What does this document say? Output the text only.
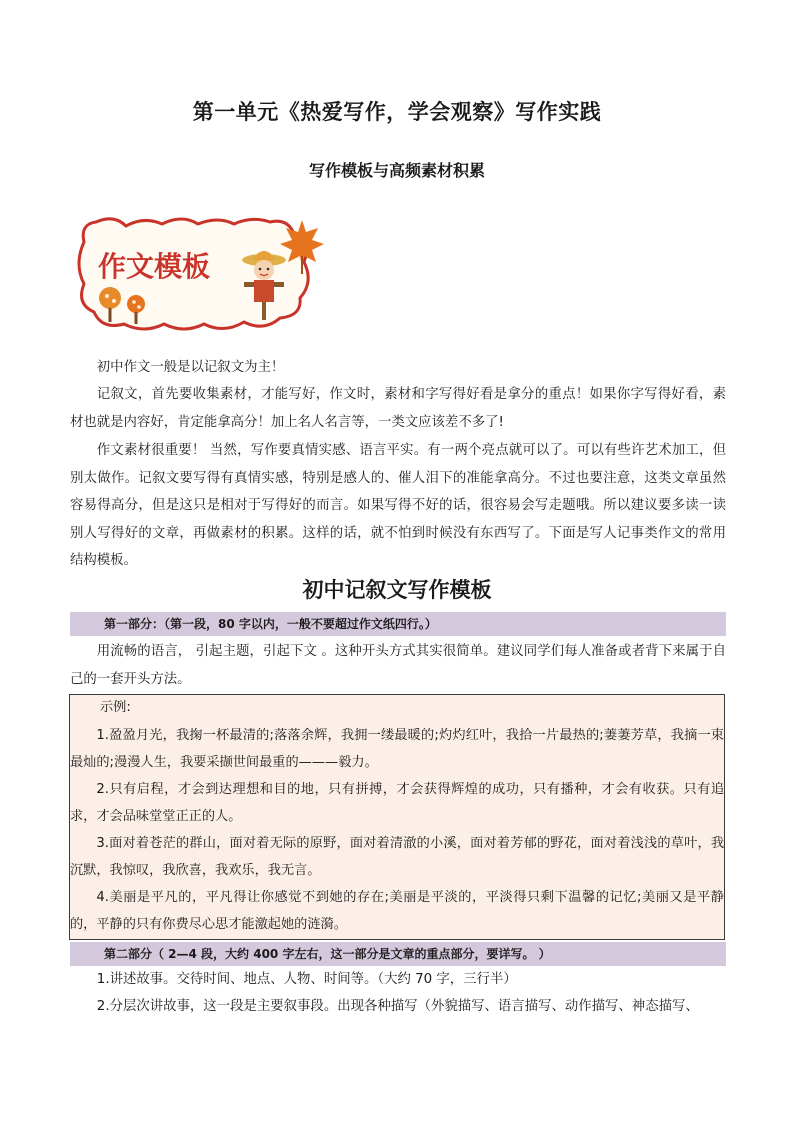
第一单元《热爱写作，学会观察》写作实践
写作模板与高频素材积累
作文模板

初中作文一般是以记叙文为主！

记叙文，首先要收集素材，才能写好，作文时，素材和字写得好看是拿分的重点！如果你字写得好看，素材也就是内容好，肯定能拿高分！加上名人名言等，一类文应该差不多了!

作文素材很重要！ 当然，写作要真情实感、语言平实。有一两个亮点就可以了。可以有些许艺术加工，但别太做作。记叙文要写得有真情实感，特别是感人的、催人泪下的准能拿高分。不过也要注意，这类文章虽然容易得高分，但是这只是相对于写得好的而言。如果写得不好的话，很容易会写走题哦。所以建议要多读一读别人写得好的文章，再做素材的积累。这样的话，就不怕到时候没有东西写了。下面是写人记事类作文的常用结构模板。

初中记叙文写作模板
第一部分：（第一段，80 字以内，一般不要超过作文纸四行。）

用流畅的语言， 引起主题，引起下文 。这种开头方式其实很简单。建议同学们每人准备或者背下来属于自己的一套开头方法。

示例:

1.盈盈月光，我掬一杯最清的;落落余辉，我拥一缕最暖的;灼灼红叶，我拾一片最热的;萋萋芳草，我摘一束最灿的;漫漫人生，我要采撷世间最重的———毅力。

2.只有启程，才会到达理想和目的地，只有拼搏，才会获得辉煌的成功，只有播种，才会有收获。只有追求，才会品味堂堂正正的人。

3.面对着苍茫的群山，面对着无际的原野，面对着清澈的小溪，面对着芳郁的野花，面对着浅浅的草叶，我沉默，我惊叹，我欣喜，我欢乐，我无言。

4.美丽是平凡的，平凡得让你感觉不到她的存在;美丽是平淡的，平淡得只剩下温馨的记忆;美丽又是平静的，平静的只有你费尽心思才能激起她的涟漪。

第二部分（ 2—4 段，大约 400 字左右，这一部分是文章的重点部分，要详写。 ）

1.讲述故事。交待时间、地点、人物、时间等。（大约 70 字，三行半）

2.分层次讲故事，这一段是主要叙事段。出现各种描写（外貌描写、语言描写、动作描写、神态描写、
